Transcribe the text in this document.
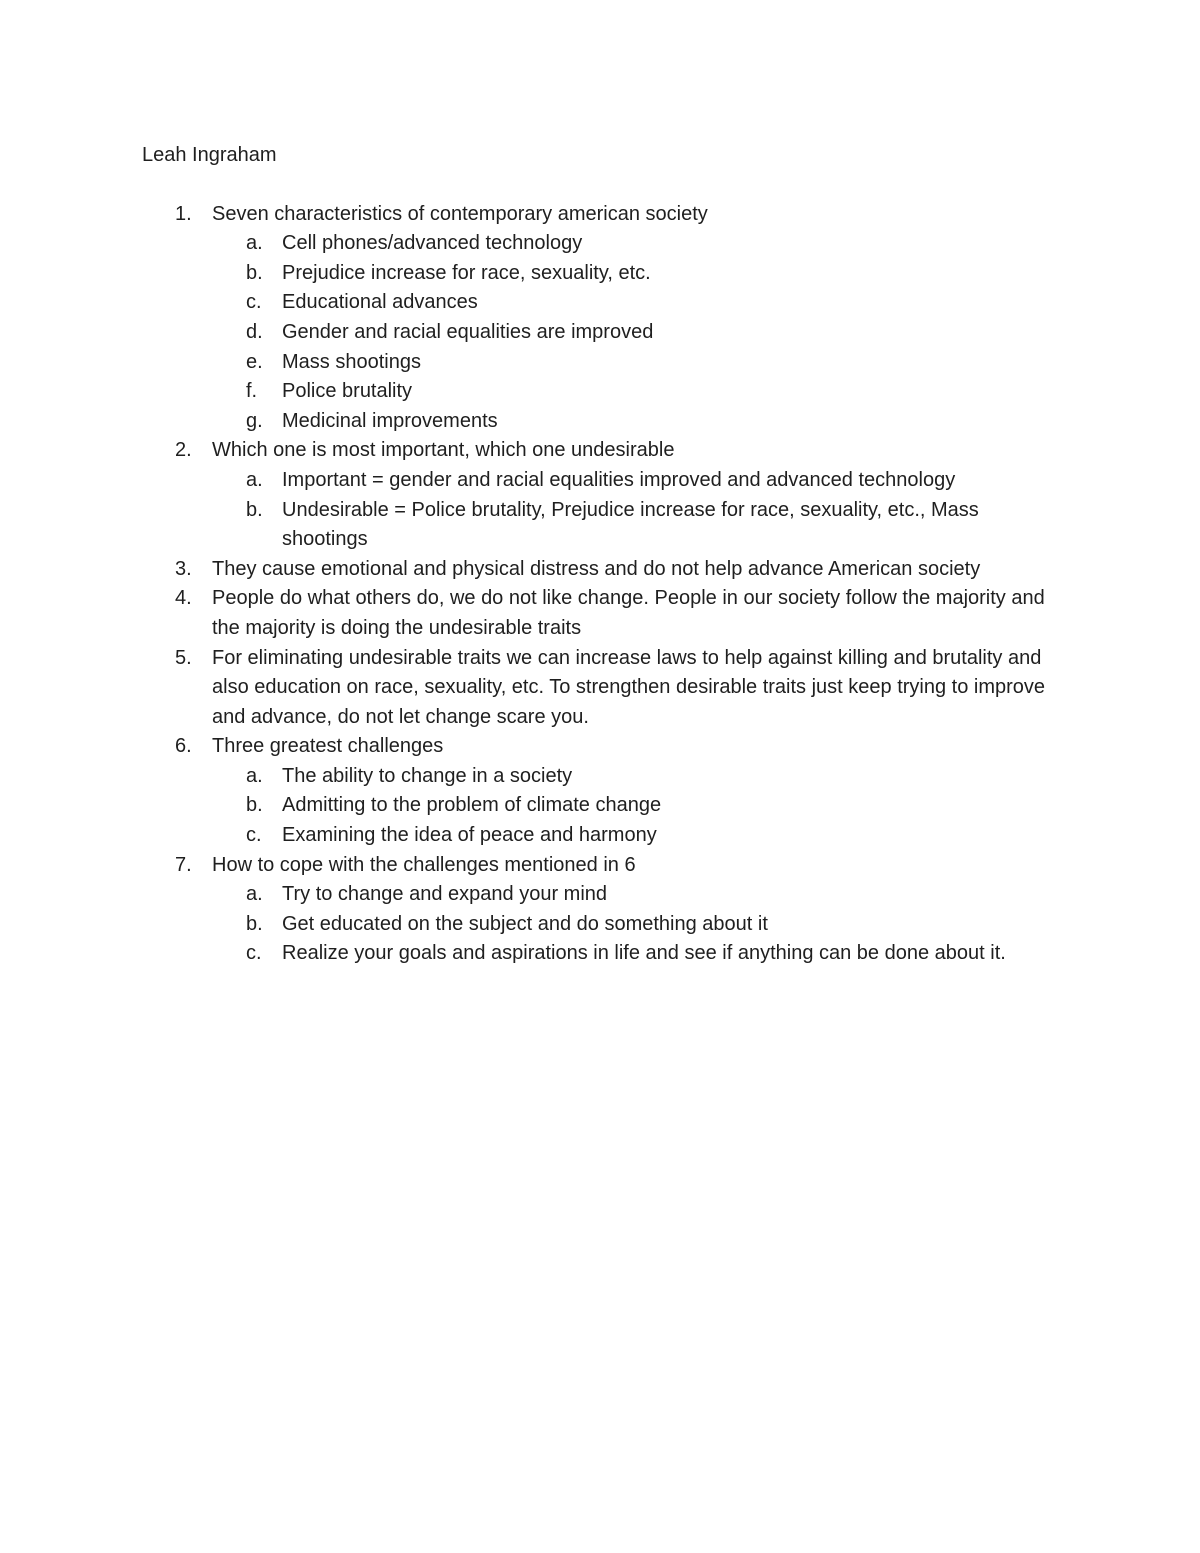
Leah Ingraham
1. Seven characteristics of contemporary american society
a. Cell phones/advanced technology
b. Prejudice increase for race, sexuality, etc.
c. Educational advances
d. Gender and racial equalities are improved
e. Mass shootings
f. Police brutality
g. Medicinal improvements
2. Which one is most important, which one undesirable
a. Important = gender and racial equalities improved and advanced technology
b. Undesirable = Police brutality, Prejudice increase for race, sexuality, etc., Mass shootings
3. They cause emotional and physical distress and do not help advance American society
4. People do what others do, we do not like change. People in our society follow the majority and the majority is doing the undesirable traits
5. For eliminating undesirable traits we can increase laws to help against killing and brutality and also education on race, sexuality, etc. To strengthen desirable traits just keep trying to improve and advance, do not let change scare you.
6. Three greatest challenges
a. The ability to change in a society
b. Admitting to the problem of climate change
c. Examining the idea of peace and harmony
7. How to cope with the challenges mentioned in 6
a. Try to change and expand your mind
b. Get educated on the subject and do something about it
c. Realize your goals and aspirations in life and see if anything can be done about it.
